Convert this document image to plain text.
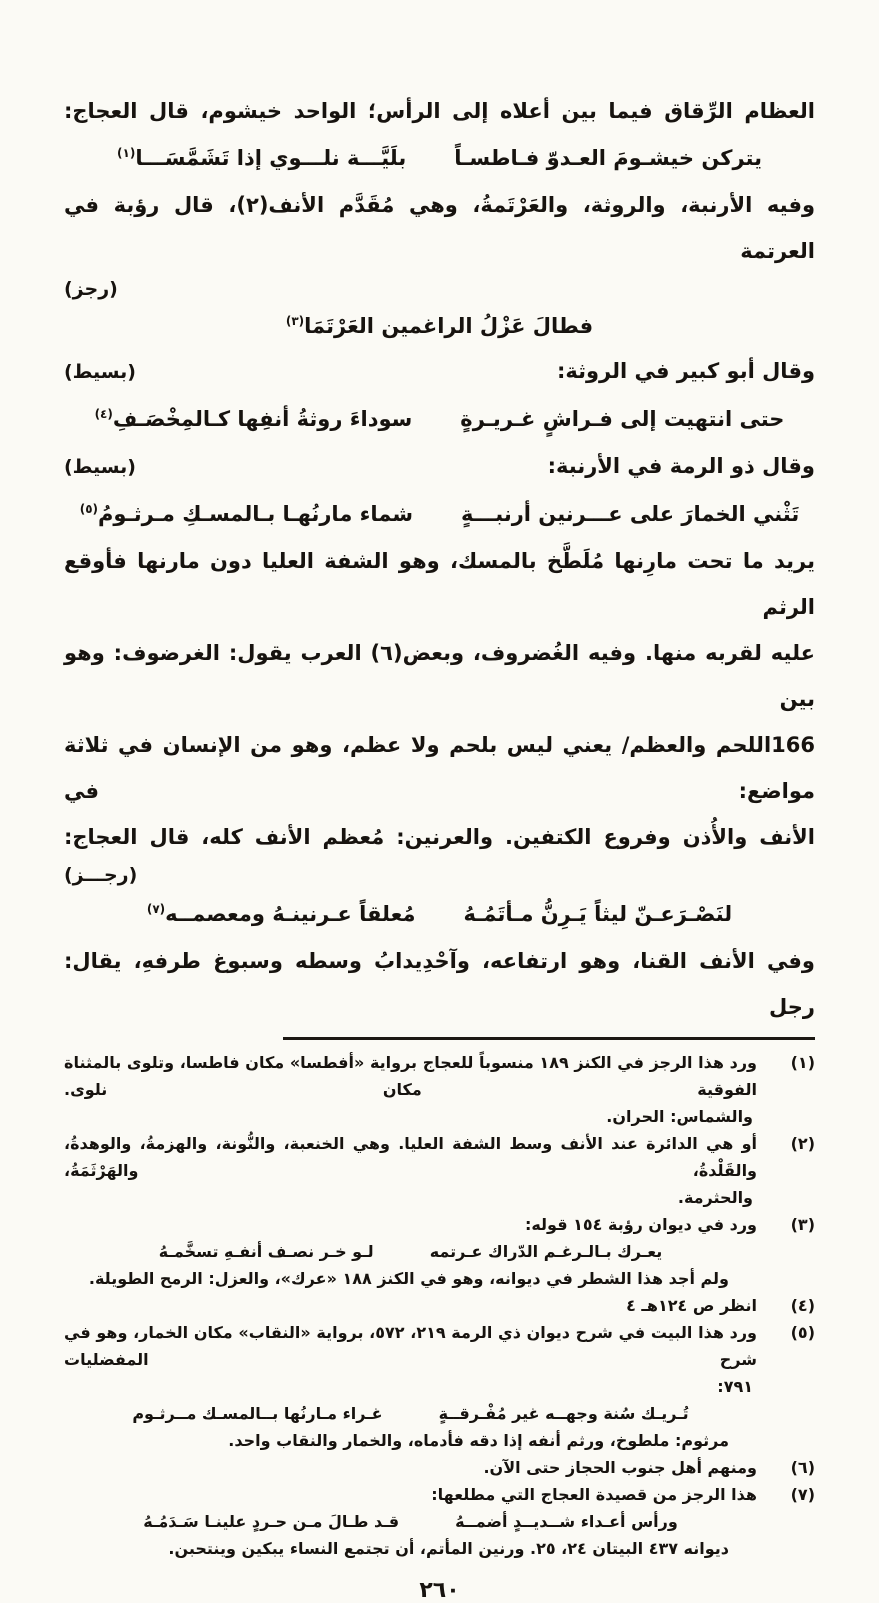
العظام الرِّقاق فيما بين أعلاه إلى الرأس؛ الواحد خيشوم، قال العجاج:
يتركن خيشـومَ العـدوّ فـاطسـاً
بلَيَّـــة نلـــوي إذا تَشَمَّسَـــا$^{(١)}$
وفيه الأرنبة، والروثة، والعَرْتَمةُ، وهي مُقَدَّم الأنف(٢)، قال رؤبة في العرتمة
(رجز)
فطالَ عَزْلُ الراغمين العَرْتَمَا$^{(٣)}$
وقال أبو كبير في الروثة:
(بسيط)
حتى انتهيت إلى فـراشٍ غـريـرةٍ
سوداءَ روثةُ أنفِها كـالمِخْصَـفِ$^{(٤)}$
وقال ذو الرمة في الأرنبة:
(بسيط)
تَثْني الخمارَ على عـــرنين أرنبـــةٍ
شماء مارنُهـا بـالمسـكِ مـرثـومُ$^{(٥)}$
يريد ما تحت مارِنها مُلَطَّخ بالمسك، وهو الشفة العليا دون مارنها فأوقع الرثم
عليه لقربه منها. وفيه الغُضروف، وبعض(٦) العرب يقول: الغرضوف: وهو بين
166اللحم والعظم/ يعني ليس بلحم ولا عظم، وهو من الإنسان في ثلاثة مواضع: في
الأنف والأُذن وفروع الكتفين. والعرنين: مُعظم الأنف كله، قال العجاج:
(رجـــز)
لنَصْـرَعـنّ ليثاً يَـرِنُّ مـأتَمُـهُ
مُعلقاً عـرنينـهُ ومعصمــه$^{(٧)}$
وفي الأنف القنا، وهو ارتفاعه، وآحْدِيدابُ وسطه وسبوغ طرفهِ، يقال: رجل
(١)
ورد هذا الرجز في الكنز ١٨٩ منسوباً للعجاج برواية «أفطسا» مكان فاطسا، وتلوى بالمثناة الفوقية مكان نلوى.
والشماس: الحران.
(٢)
أو هي الدائرة عند الأنف وسط الشفة العليا. وهي الخنعبة، والنُّونة، والهزمةُ، والوهدةُ، والقَلْدةُ، والهَرْثَمَةُ،
والحثرمة.
(٣)
ورد في ديوان رؤبة ١٥٤ قوله:
يعـرك بـالـرغـم الدّراك عـرتمه
لـو خـر نصـف أنفـهِ تسخَّمـهُ
ولم أجد هذا الشطر في ديوانه، وهو في الكنز ١٨٨ «عرك»، والعزل: الرمح الطويلة.
(٤)
انظر ص ١٢٤هـ ٤
(٥)
ورد هذا البيت في شرح ديوان ذي الرمة ٢١٩، ٥٧٢، برواية «النقاب» مكان الخمار، وهو في شرح المفضليات
٧٩١:
تُـريـك سُنة وجهــه غير مُفْـرقــةٍ
غـراء مـارنُها بــالمسـك مــرثـوم
مرثوم: ملطوخ، ورثم أنفه إذا دقه فأدماه، والخمار والنقاب واحد.
(٦)
ومنهم أهل جنوب الحجاز حتى الآن.
(٧)
هذا الرجز من قصيدة العجاج التي مطلعها:
ورأس أعـداء شــديــدٍ أضمــهُ
قـد طـالَ مـن حـردٍ علينـا سَـدَمُـهُ
ديوانه ٤٣٧ البيتان ٢٤، ٢٥. ورنين المأتم، أن تجتمع النساء يبكين وينتحبن.
٢٦٠
